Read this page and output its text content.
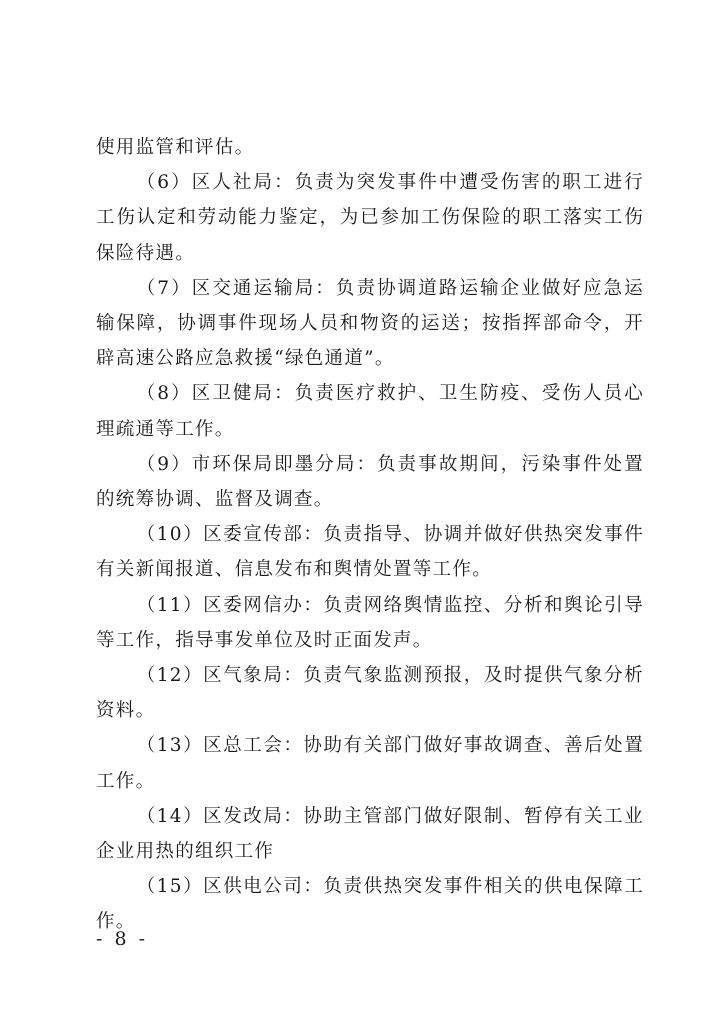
使用监管和评估。

（6）区人社局：负责为突发事件中遭受伤害的职工进行工伤认定和劳动能力鉴定，为已参加工伤保险的职工落实工伤保险待遇。

（7）区交通运输局：负责协调道路运输企业做好应急运输保障，协调事件现场人员和物资的运送；按指挥部命令，开辟高速公路应急救援“绿色通道”。

（8）区卫健局：负责医疗救护、卫生防疫、受伤人员心理疏通等工作。

（9）市环保局即墨分局：负责事故期间，污染事件处置的统筹协调、监督及调查。

（10）区委宣传部：负责指导、协调并做好供热突发事件有关新闻报道、信息发布和舆情处置等工作。

（11）区委网信办：负责网络舆情监控、分析和舆论引导等工作，指导事发单位及时正面发声。

（12）区气象局：负责气象监测预报，及时提供气象分析资料。

（13）区总工会：协助有关部门做好事故调查、善后处置工作。

（14）区发改局：协助主管部门做好限制、暂停有关工业企业用热的组织工作

（15）区供电公司：负责供热突发事件相关的供电保障工作。

- 8 -
